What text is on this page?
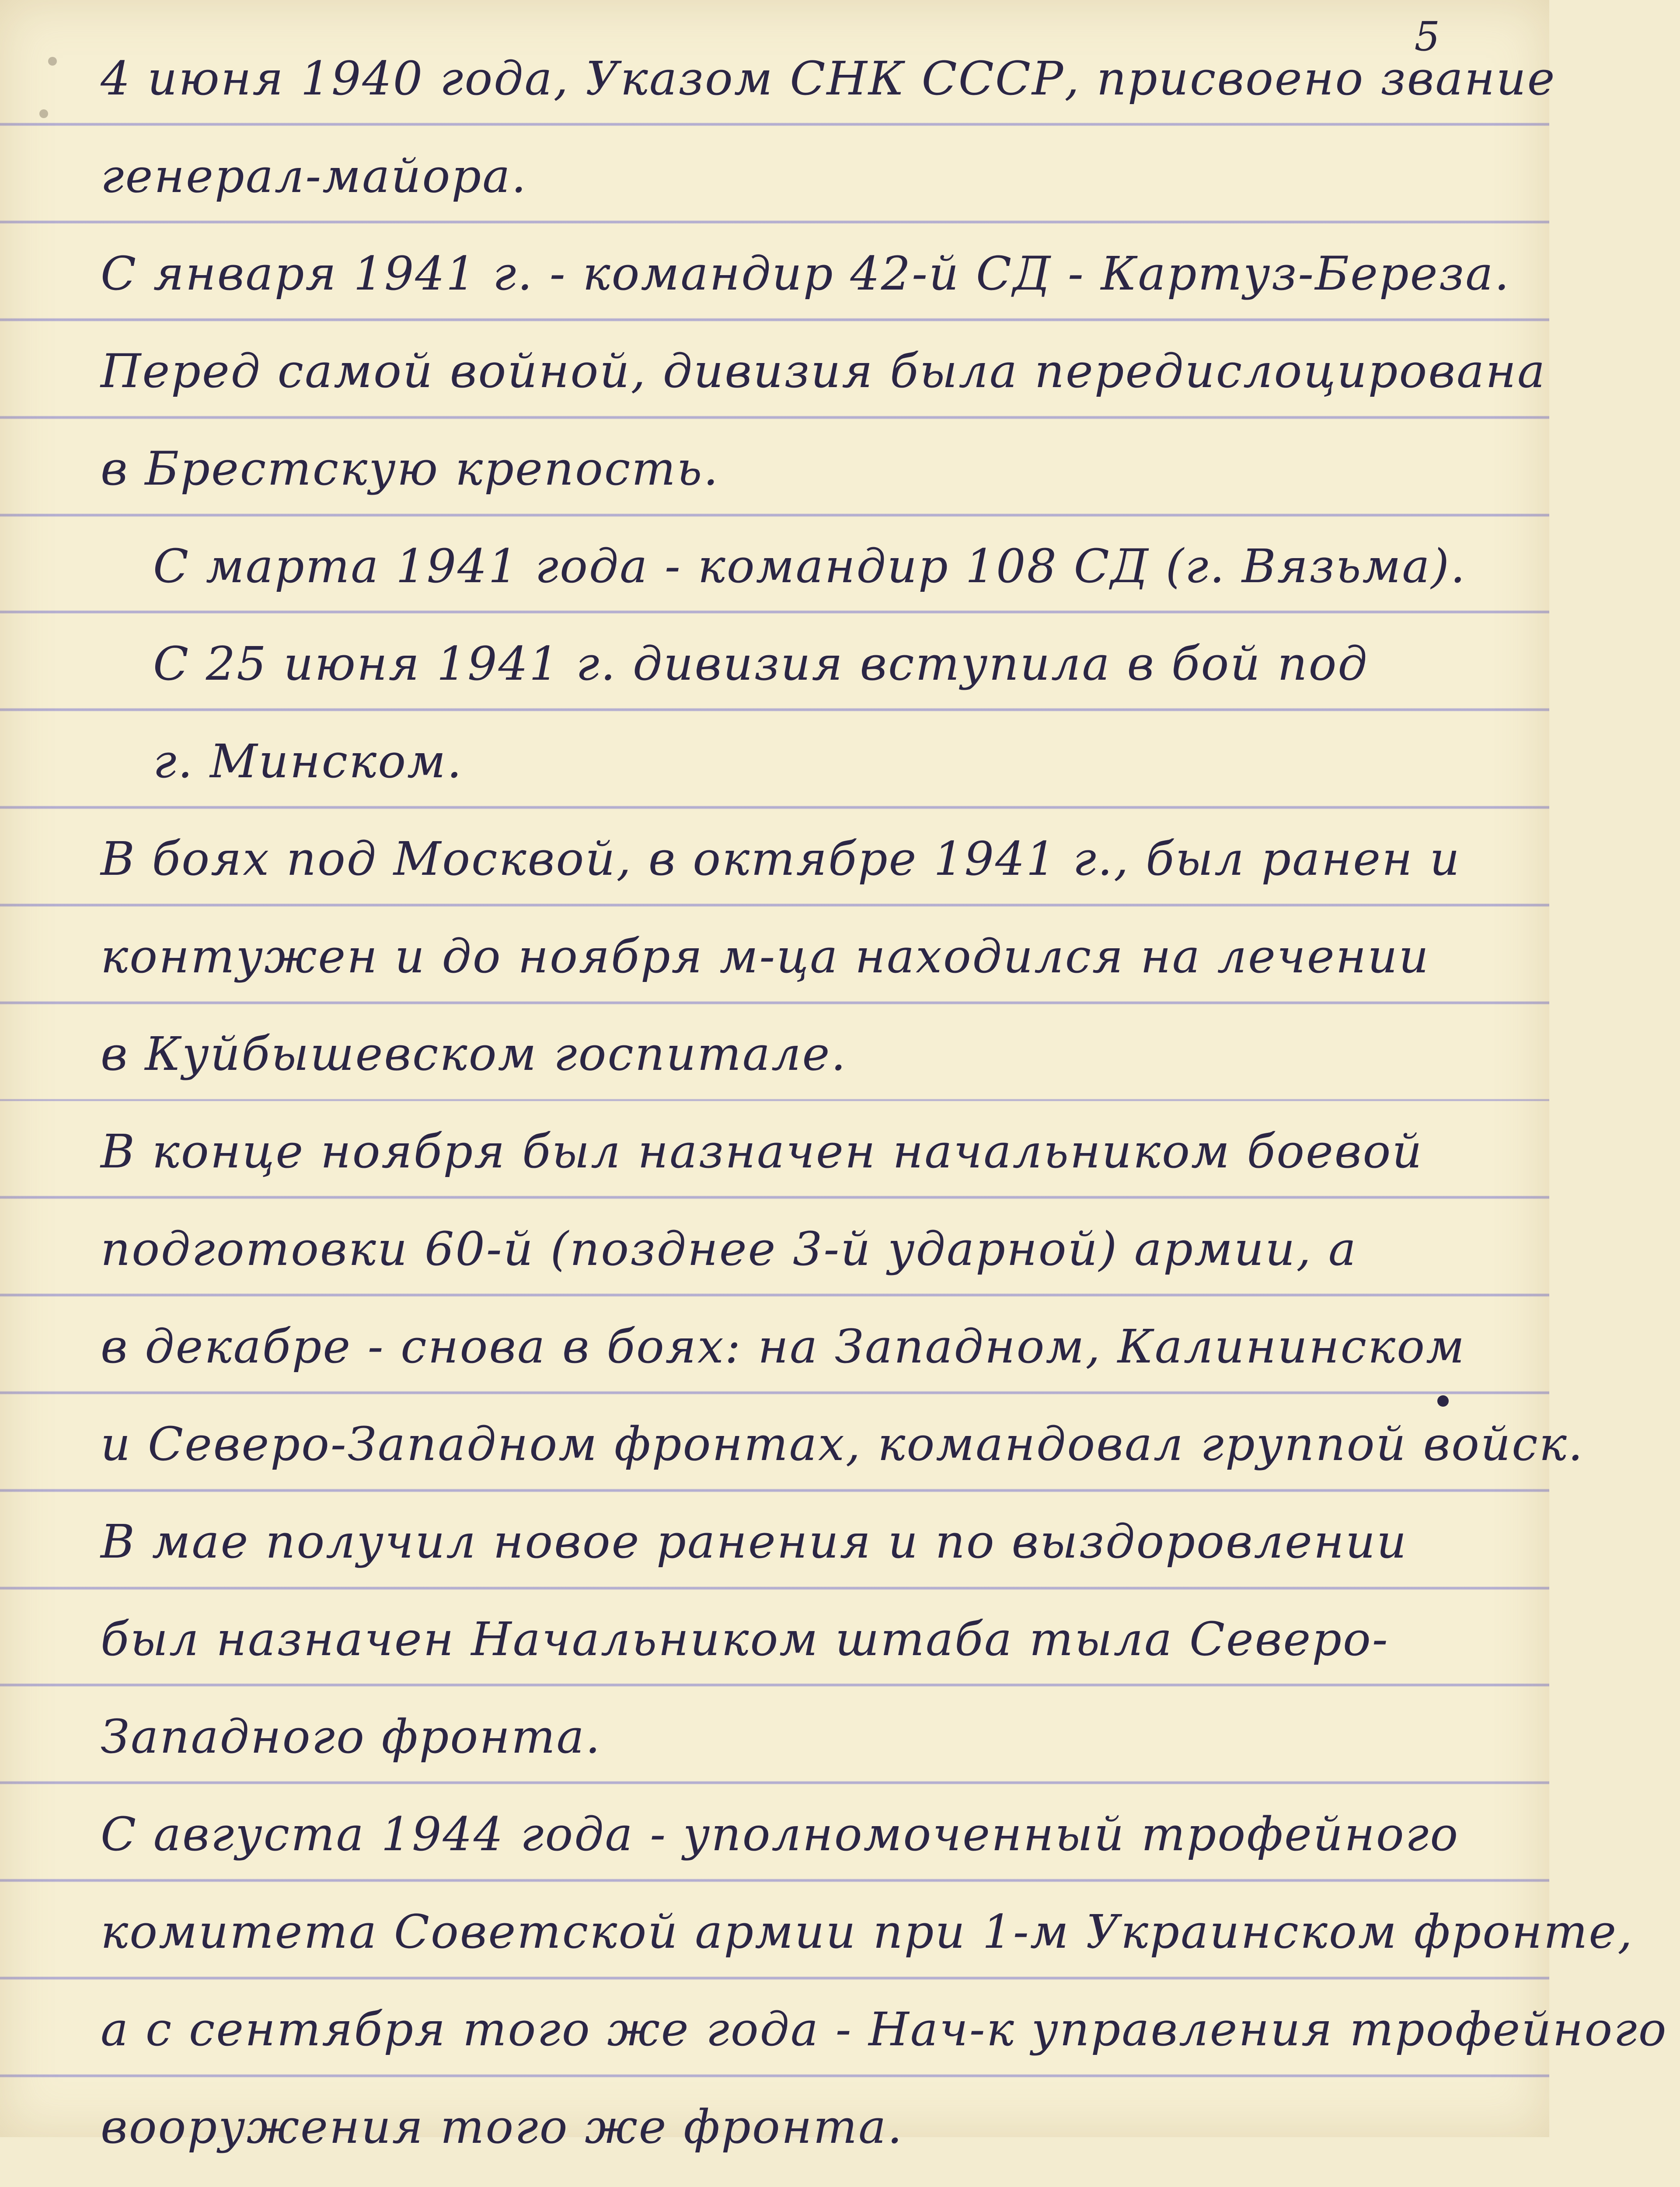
5
4 июня 1940 года, Указом СНК СССР, присвоено звание
генерал-майора.
С января 1941 г. - командир 42-й СД - Картуз-Береза.
Перед самой войной, дивизия была передислоцирована
в Брестскую крепость.
С марта 1941 года - командир 108 СД (г. Вязьма).
С 25 июня 1941 г. дивизия вступила в бой под
г. Минском.
В боях под Москвой, в октябре 1941 г., был ранен и
контужен и до ноября м-ца находился на лечении
в Куйбышевском госпитале.
В конце ноября был назначен начальником боевой
подготовки 60-й (позднее 3-й ударной) армии, а
в декабре - снова в боях: на Западном, Калининском
и Северо-Западном фронтах, командовал группой войск.
В мае получил новое ранения и по выздоровлении
был назначен Начальником штаба тыла Северо-
Западного фронта.
С августа 1944 года - уполномоченный трофейного
комитета Советской армии при 1-м Украинском фронте,
а с сентября того же года - Нач-к управления трофейного
вооружения того же фронта.
